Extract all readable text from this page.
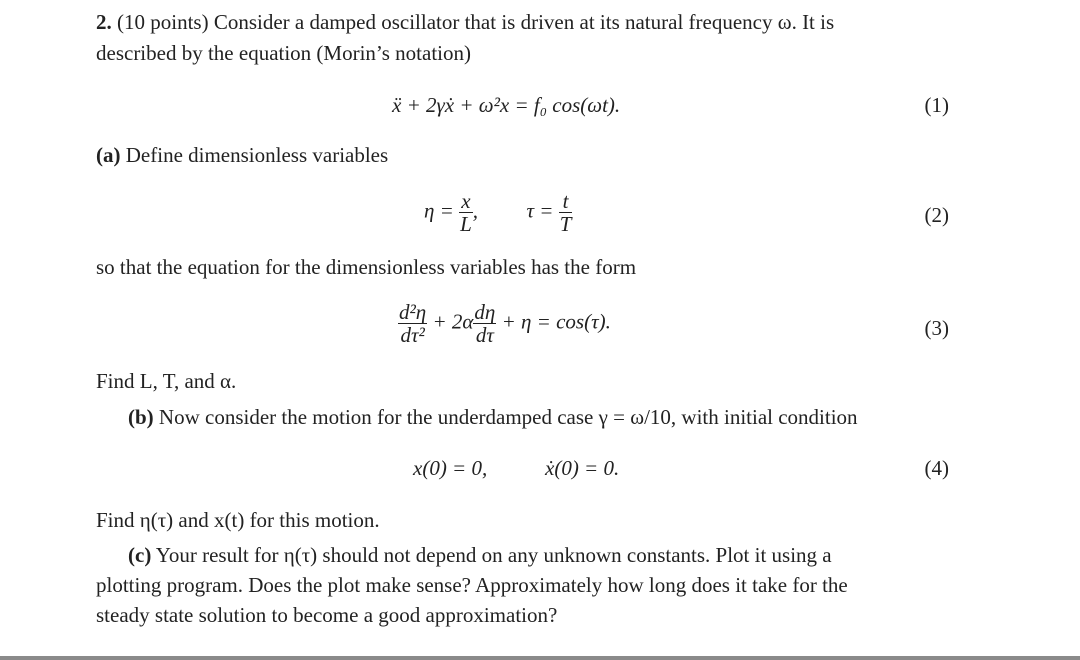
2. (10 points) Consider a damped oscillator that is driven at its natural frequency ω. It is
described by the equation (Morin’s notation)
ẍ + 2γẋ + ω²x = f₀ cos(ωt).	(1)
(a) Define dimensionless variables
$\eta = \frac{x}{L}$ , $\tau = \frac{t}{T}$	(2)
so that the equation for the dimensionless variables has the form
$\frac{\text{d²η}}{\text{dτ²}} + 2\alpha \frac{d\eta}{d\tau} + \eta = \cos(\tau)$.	(3)
Find L, T, and α.
(b) Now consider the motion for the underdamped case γ = ω/10, with initial condition
x(0) = 0,	ẋ(0) = 0.	(4)
Find η(τ) and x(t) for this motion.
(c) Your result for η(τ) should not depend on any unknown constants. Plot it using a
plotting program. Does the plot make sense? Approximately how long does it take for the
steady state solution to become a good approximation?
